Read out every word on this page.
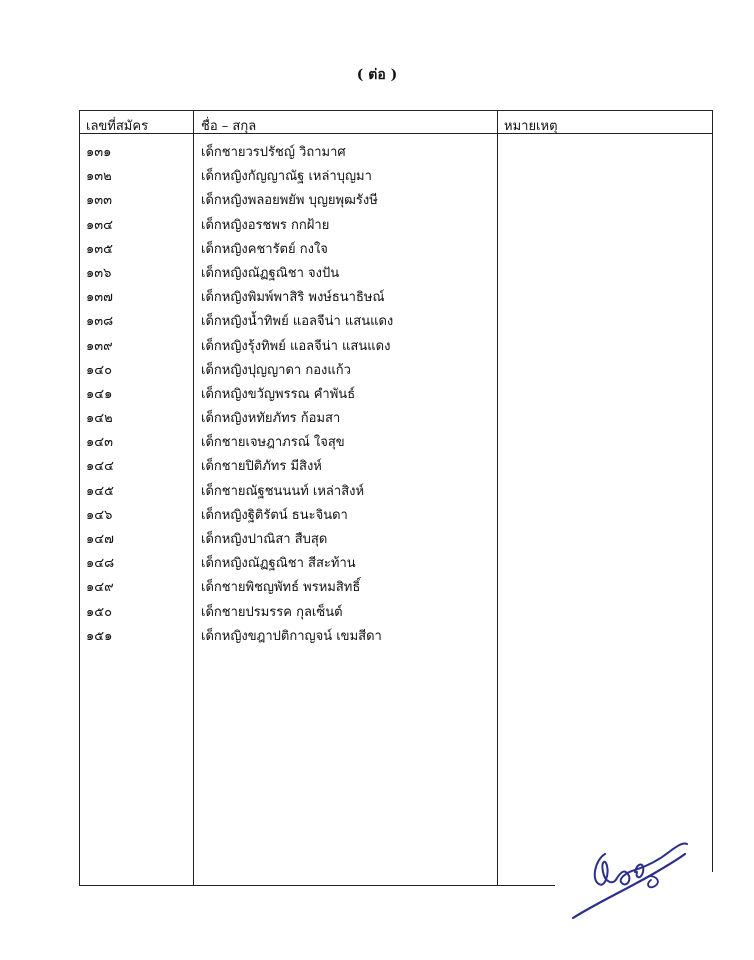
( ต่อ )
เลขที่สมัคร	ชื่อ – สกุล	หมายเหตุ
๑๓๑	เด็กชายวรปรัชญ์ วิถามาศ
๑๓๒	เด็กหญิงกัญญาณัฐ เหล่าบุญมา
๑๓๓	เด็กหญิงพลอยพยัพ บุญยพุฒรังษี
๑๓๔	เด็กหญิงอรชพร กกฝ้าย
๑๓๕	เด็กหญิงคชารัตย์ กงใจ
๑๓๖	เด็กหญิงณัฏฐณิชา จงปัน
๑๓๗	เด็กหญิงพิมพ์พาสิริ พงษ์ธนาธิษณ์
๑๓๘	เด็กหญิงน้ำทิพย์ แอลจีน่า แสนแดง
๑๓๙	เด็กหญิงรุ้งทิพย์ แอลจีน่า แสนแดง
๑๔๐	เด็กหญิงปุญญาดา กองแก้ว
๑๔๑	เด็กหญิงขวัญพรรณ คำพันธ์
๑๔๒	เด็กหญิงหทัยภัทร ก้อมสา
๑๔๓	เด็กชายเจษฎาภรณ์ ใจสุข
๑๔๔	เด็กชายปิติภัทร มีสิงห์
๑๔๕	เด็กชายณัฐชนนนท์ เหล่าสิงห์
๑๔๖	เด็กหญิงฐิติรัตน์ ธนะจินดา
๑๔๗	เด็กหญิงปาณิสา สืบสุด
๑๔๘	เด็กหญิงณัฏฐณิชา สีสะท้าน
๑๔๙	เด็กชายพิชญพัทธ์ พรหมสิทธิ์
๑๕๐	เด็กชายปรมรรค กุลเซ็นต์
๑๕๑	เด็กหญิงขฎาปติกาญจน์ เขมสีดา
